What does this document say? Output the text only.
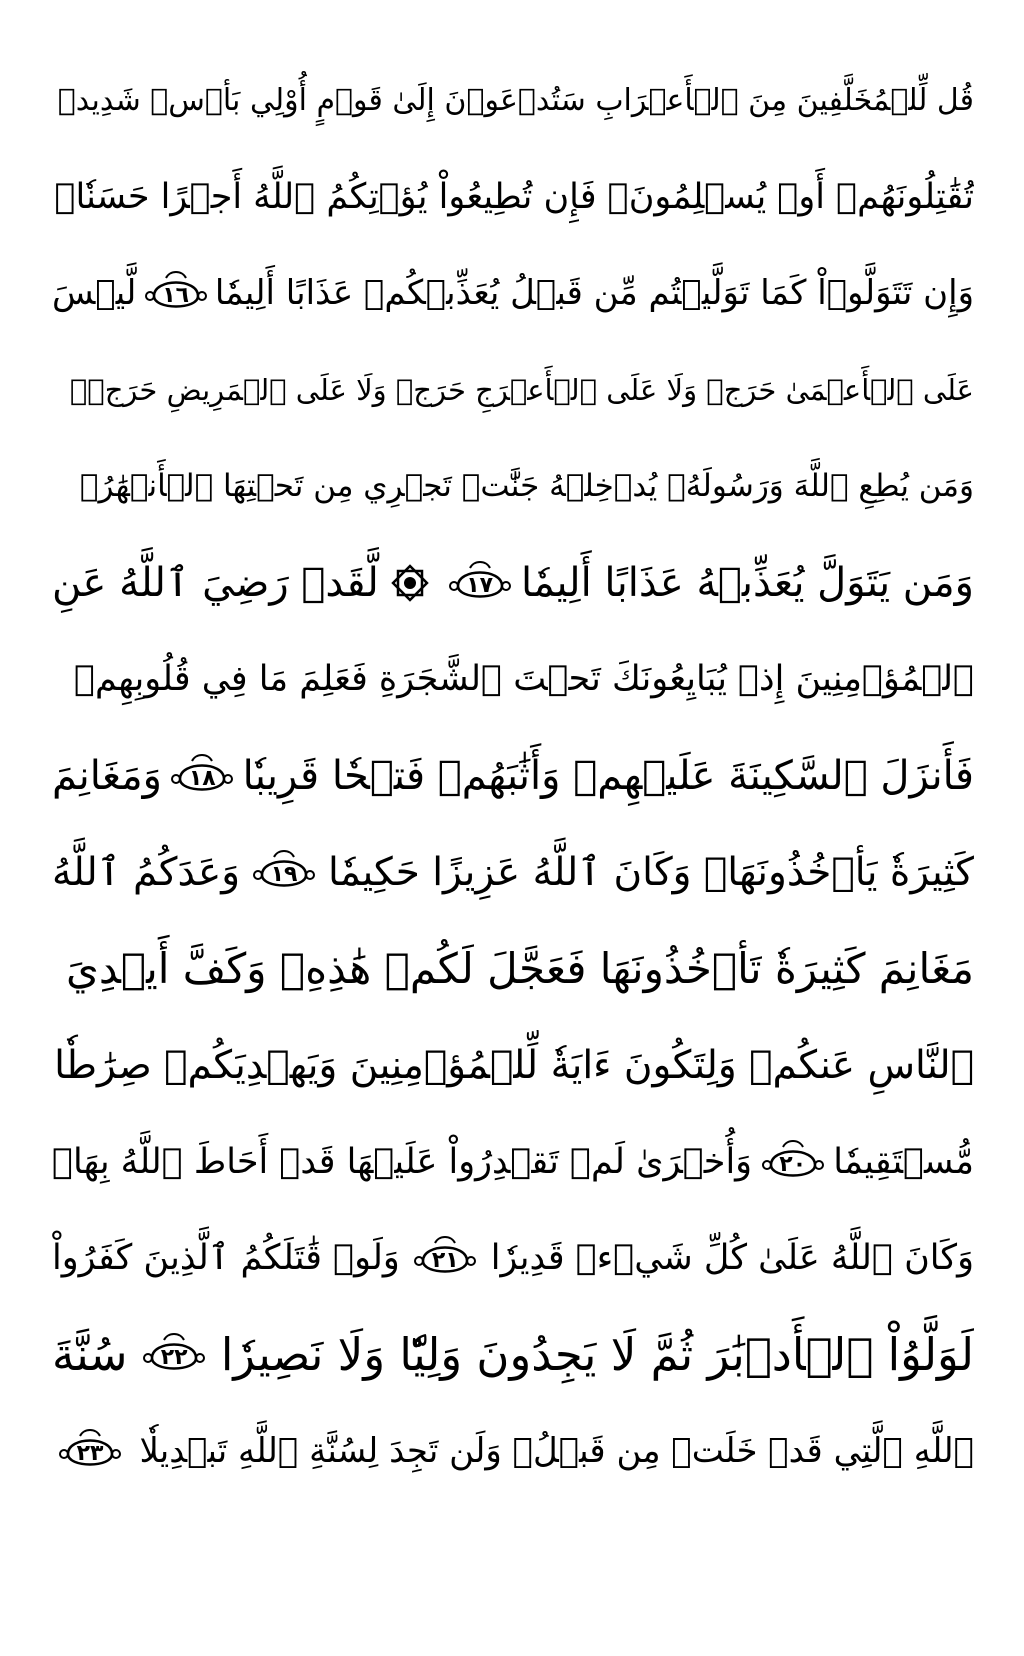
قُل لِّلۡمُخَلَّفِينَ مِنَ ٱلۡأَعۡرَابِ سَتُدۡعَوۡنَ إِلَىٰ قَوۡمٍ أُوْلِي بَأۡسٖ شَدِيدٖ
تُقَٰتِلُونَهُمۡ أَوۡ يُسۡلِمُونَۖ فَإِن تُطِيعُواْ يُؤۡتِكُمُ ٱللَّهُ أَجۡرًا حَسَنٗاۖ
وَإِن تَتَوَلَّوۡاْ كَمَا تَوَلَّيۡتُم مِّن قَبۡلُ يُعَذِّبۡكُمۡ عَذَابًا أَلِيمٗا
١٦
لَّيۡسَ
عَلَى ٱلۡأَعۡمَىٰ حَرَجٞ وَلَا عَلَى ٱلۡأَعۡرَجِ حَرَجٞ وَلَا عَلَى ٱلۡمَرِيضِ حَرَجٞۗ
وَمَن يُطِعِ ٱللَّهَ وَرَسُولَهُۥ يُدۡخِلۡهُ جَنَّٰتٖ تَجۡرِي مِن تَحۡتِهَا ٱلۡأَنۡهَٰرُۖ
وَمَن يَتَوَلَّ يُعَذِّبۡهُ عَذَابًا أَلِيمٗا
١٧
لَّقَدۡ رَضِيَ ٱللَّهُ عَنِ
ٱلۡمُؤۡمِنِينَ إِذۡ يُبَايِعُونَكَ تَحۡتَ ٱلشَّجَرَةِ فَعَلِمَ مَا فِي قُلُوبِهِمۡ
فَأَنزَلَ ٱلسَّكِينَةَ عَلَيۡهِمۡ وَأَثَٰبَهُمۡ فَتۡحٗا قَرِيبٗا
١٨
وَمَغَانِمَ
كَثِيرَةٗ يَأۡخُذُونَهَاۗ وَكَانَ ٱللَّهُ عَزِيزًا حَكِيمٗا
١٩
وَعَدَكُمُ ٱللَّهُ
مَغَانِمَ كَثِيرَةٗ تَأۡخُذُونَهَا فَعَجَّلَ لَكُمۡ هَٰذِهِۦ وَكَفَّ أَيۡدِيَ
ٱلنَّاسِ عَنكُمۡ وَلِتَكُونَ ءَايَةٗ لِّلۡمُؤۡمِنِينَ وَيَهۡدِيَكُمۡ صِرَٰطٗا
مُّسۡتَقِيمٗا
٢٠
وَأُخۡرَىٰ لَمۡ تَقۡدِرُواْ عَلَيۡهَا قَدۡ أَحَاطَ ٱللَّهُ بِهَاۚ
وَكَانَ ٱللَّهُ عَلَىٰ كُلِّ شَيۡءٖ قَدِيرٗا
٢١
وَلَوۡ قَٰتَلَكُمُ ٱلَّذِينَ كَفَرُواْ
لَوَلَّوُاْ ٱلۡأَدۡبَٰرَ ثُمَّ لَا يَجِدُونَ وَلِيّٗا وَلَا نَصِيرٗا
٢٢
سُنَّةَ
ٱللَّهِ ٱلَّتِي قَدۡ خَلَتۡ مِن قَبۡلُۖ وَلَن تَجِدَ لِسُنَّةِ ٱللَّهِ تَبۡدِيلٗا
٢٣
